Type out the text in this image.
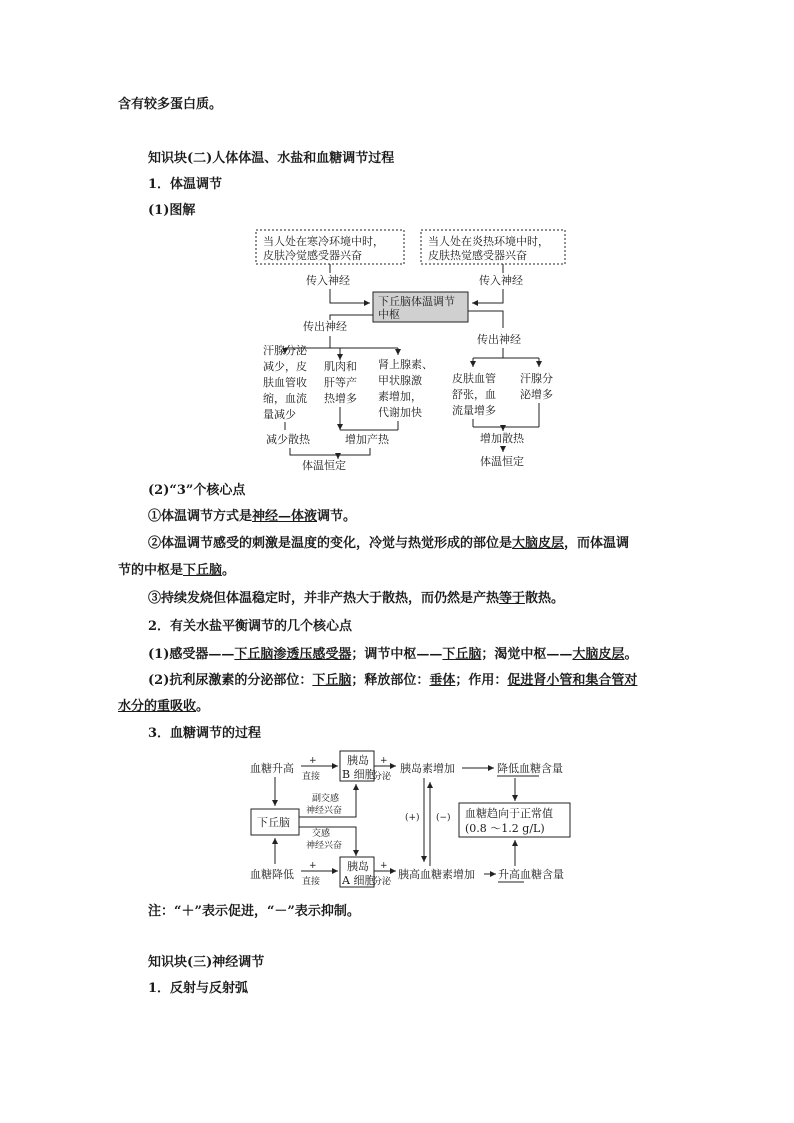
含有较多蛋白质。
知识块(二)人体体温、水盐和血糖调节过程
1．体温调节
(1)图解
当人处在寒冷环境中时，
皮肤冷觉感受器兴奋
当人处在炎热环境中时，
皮肤热觉感受器兴奋
传入神经	传入神经
下丘脑体温调节
中枢
传出神经
传出神经
汗腺分泌
减少，皮
肤血管收
缩，血流
量减少
肌肉和
肝等产
热增多
肾上腺素、
甲状腺激
素增加，
代谢加快
皮肤血管
舒张，血
流量增多
汗腺分
泌增多
减少散热	增加产热
体温恒定
增加散热
体温恒定
(2)“3”个核心点
①体温调节方式是神经—体液调节。
②体温调节感受的刺激是温度的变化，冷觉与热觉形成的部位是大脑皮层，而体温调
节的中枢是下丘脑。
③持续发烧但体温稳定时，并非产热大于散热，而仍然是产热等于散热。
2．有关水盐平衡调节的几个核心点
(1)感受器——下丘脑渗透压感受器；调节中枢——下丘脑；渴觉中枢——大脑皮层。
(2)抗利尿激素的分泌部位：下丘脑；释放部位：垂体；作用：促进肾小管和集合管对
水分的重吸收。
3．血糖调节的过程
血糖升高
+
直接
胰岛
B 细胞
+
分泌
胰岛素增加	降低血糖含量
下丘脑
副交感
神经兴奋
交感
神经兴奋
(+) (−) 血糖趋向于正常值
(0.8 ～1.2 g/L)
血糖降低
+
直接
胰岛
A 细胞
+
分泌
胰高血糖素增加 升高血糖含量
注：“＋”表示促进，“－”表示抑制。
知识块(三)神经调节
1．反射与反射弧
